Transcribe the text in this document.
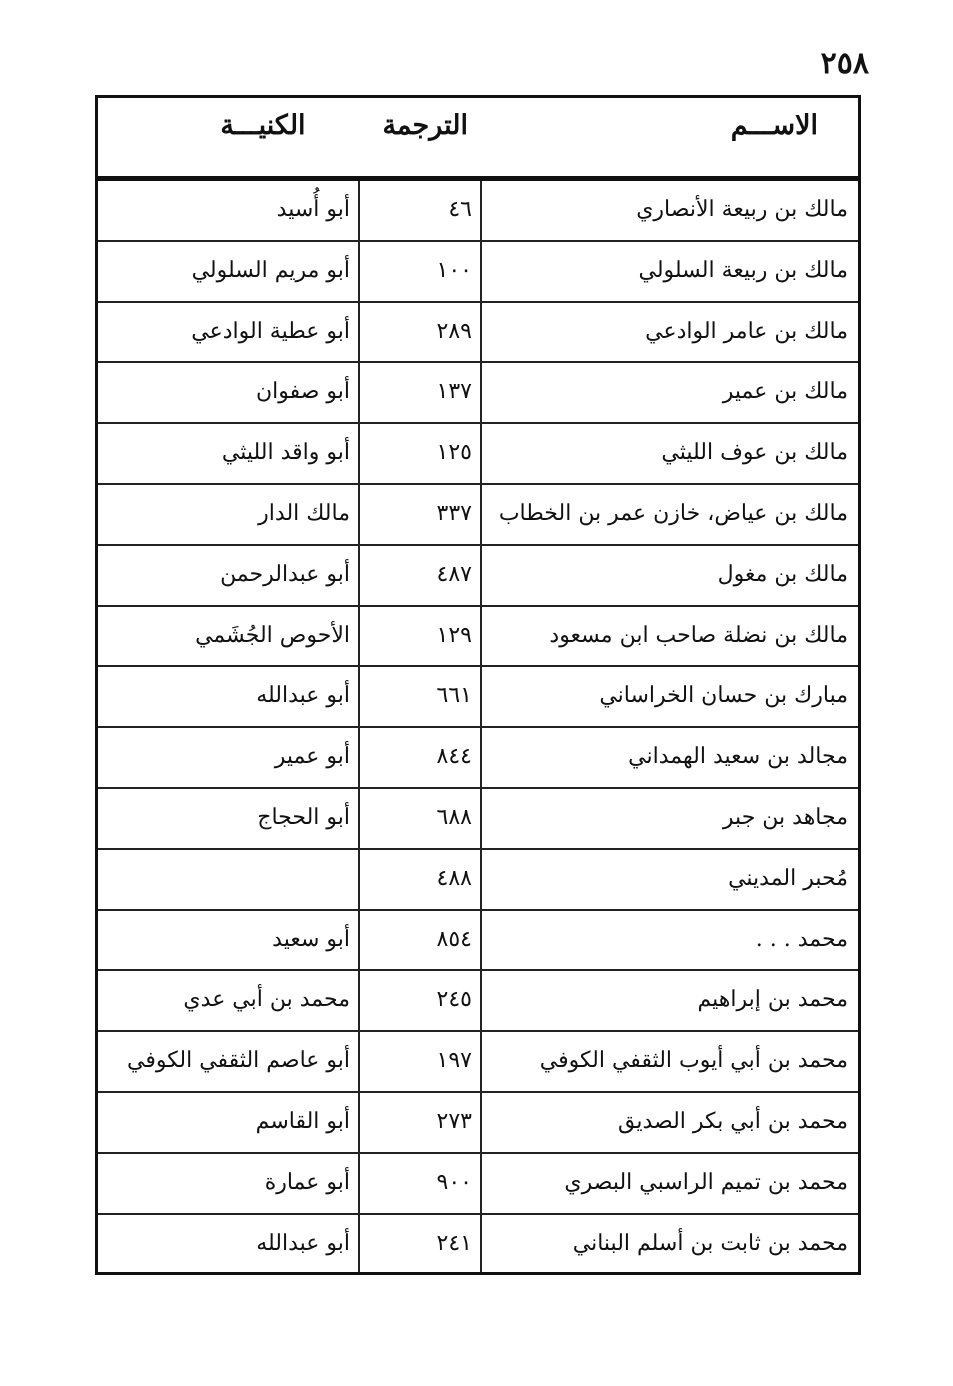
٢٥٨
الاســـم
الترجمة
الكنيـــة
مالك بن ربيعة الأنصاري
٤٦
أبو أُسيد
مالك بن ربيعة السلولي
١٠٠
أبو مريم السلولي
مالك بن عامر الوادعي
٢٨٩
أبو عطية الوادعي
مالك بن عمير
١٣٧
أبو صفوان
مالك بن عوف الليثي
١٢٥
أبو واقد الليثي
مالك بن عياض، خازن عمر بن الخطاب
٣٣٧
مالك الدار
مالك بن مغول
٤٨٧
أبو عبدالرحمن
مالك بن نضلة صاحب ابن مسعود
١٢٩
الأحوص الجُشَمي
مبارك بن حسان الخراساني
٦٦١
أبو عبدالله
مجالد بن سعيد الهمداني
٨٤٤
أبو عمير
مجاهد بن جبر
٦٨٨
أبو الحجاج
مُحبر المديني
٤٨٨
محمد . . .
٨٥٤
أبو سعيد
محمد بن إبراهيم
٢٤٥
محمد بن أبي عدي
محمد بن أبي أيوب الثقفي الكوفي
١٩٧
أبو عاصم الثقفي الكوفي
محمد بن أبي بكر الصديق
٢٧٣
أبو القاسم
محمد بن تميم الراسبي البصري
٩٠٠
أبو عمارة
محمد بن ثابت بن أسلم البناني
٢٤١
أبو عبدالله
